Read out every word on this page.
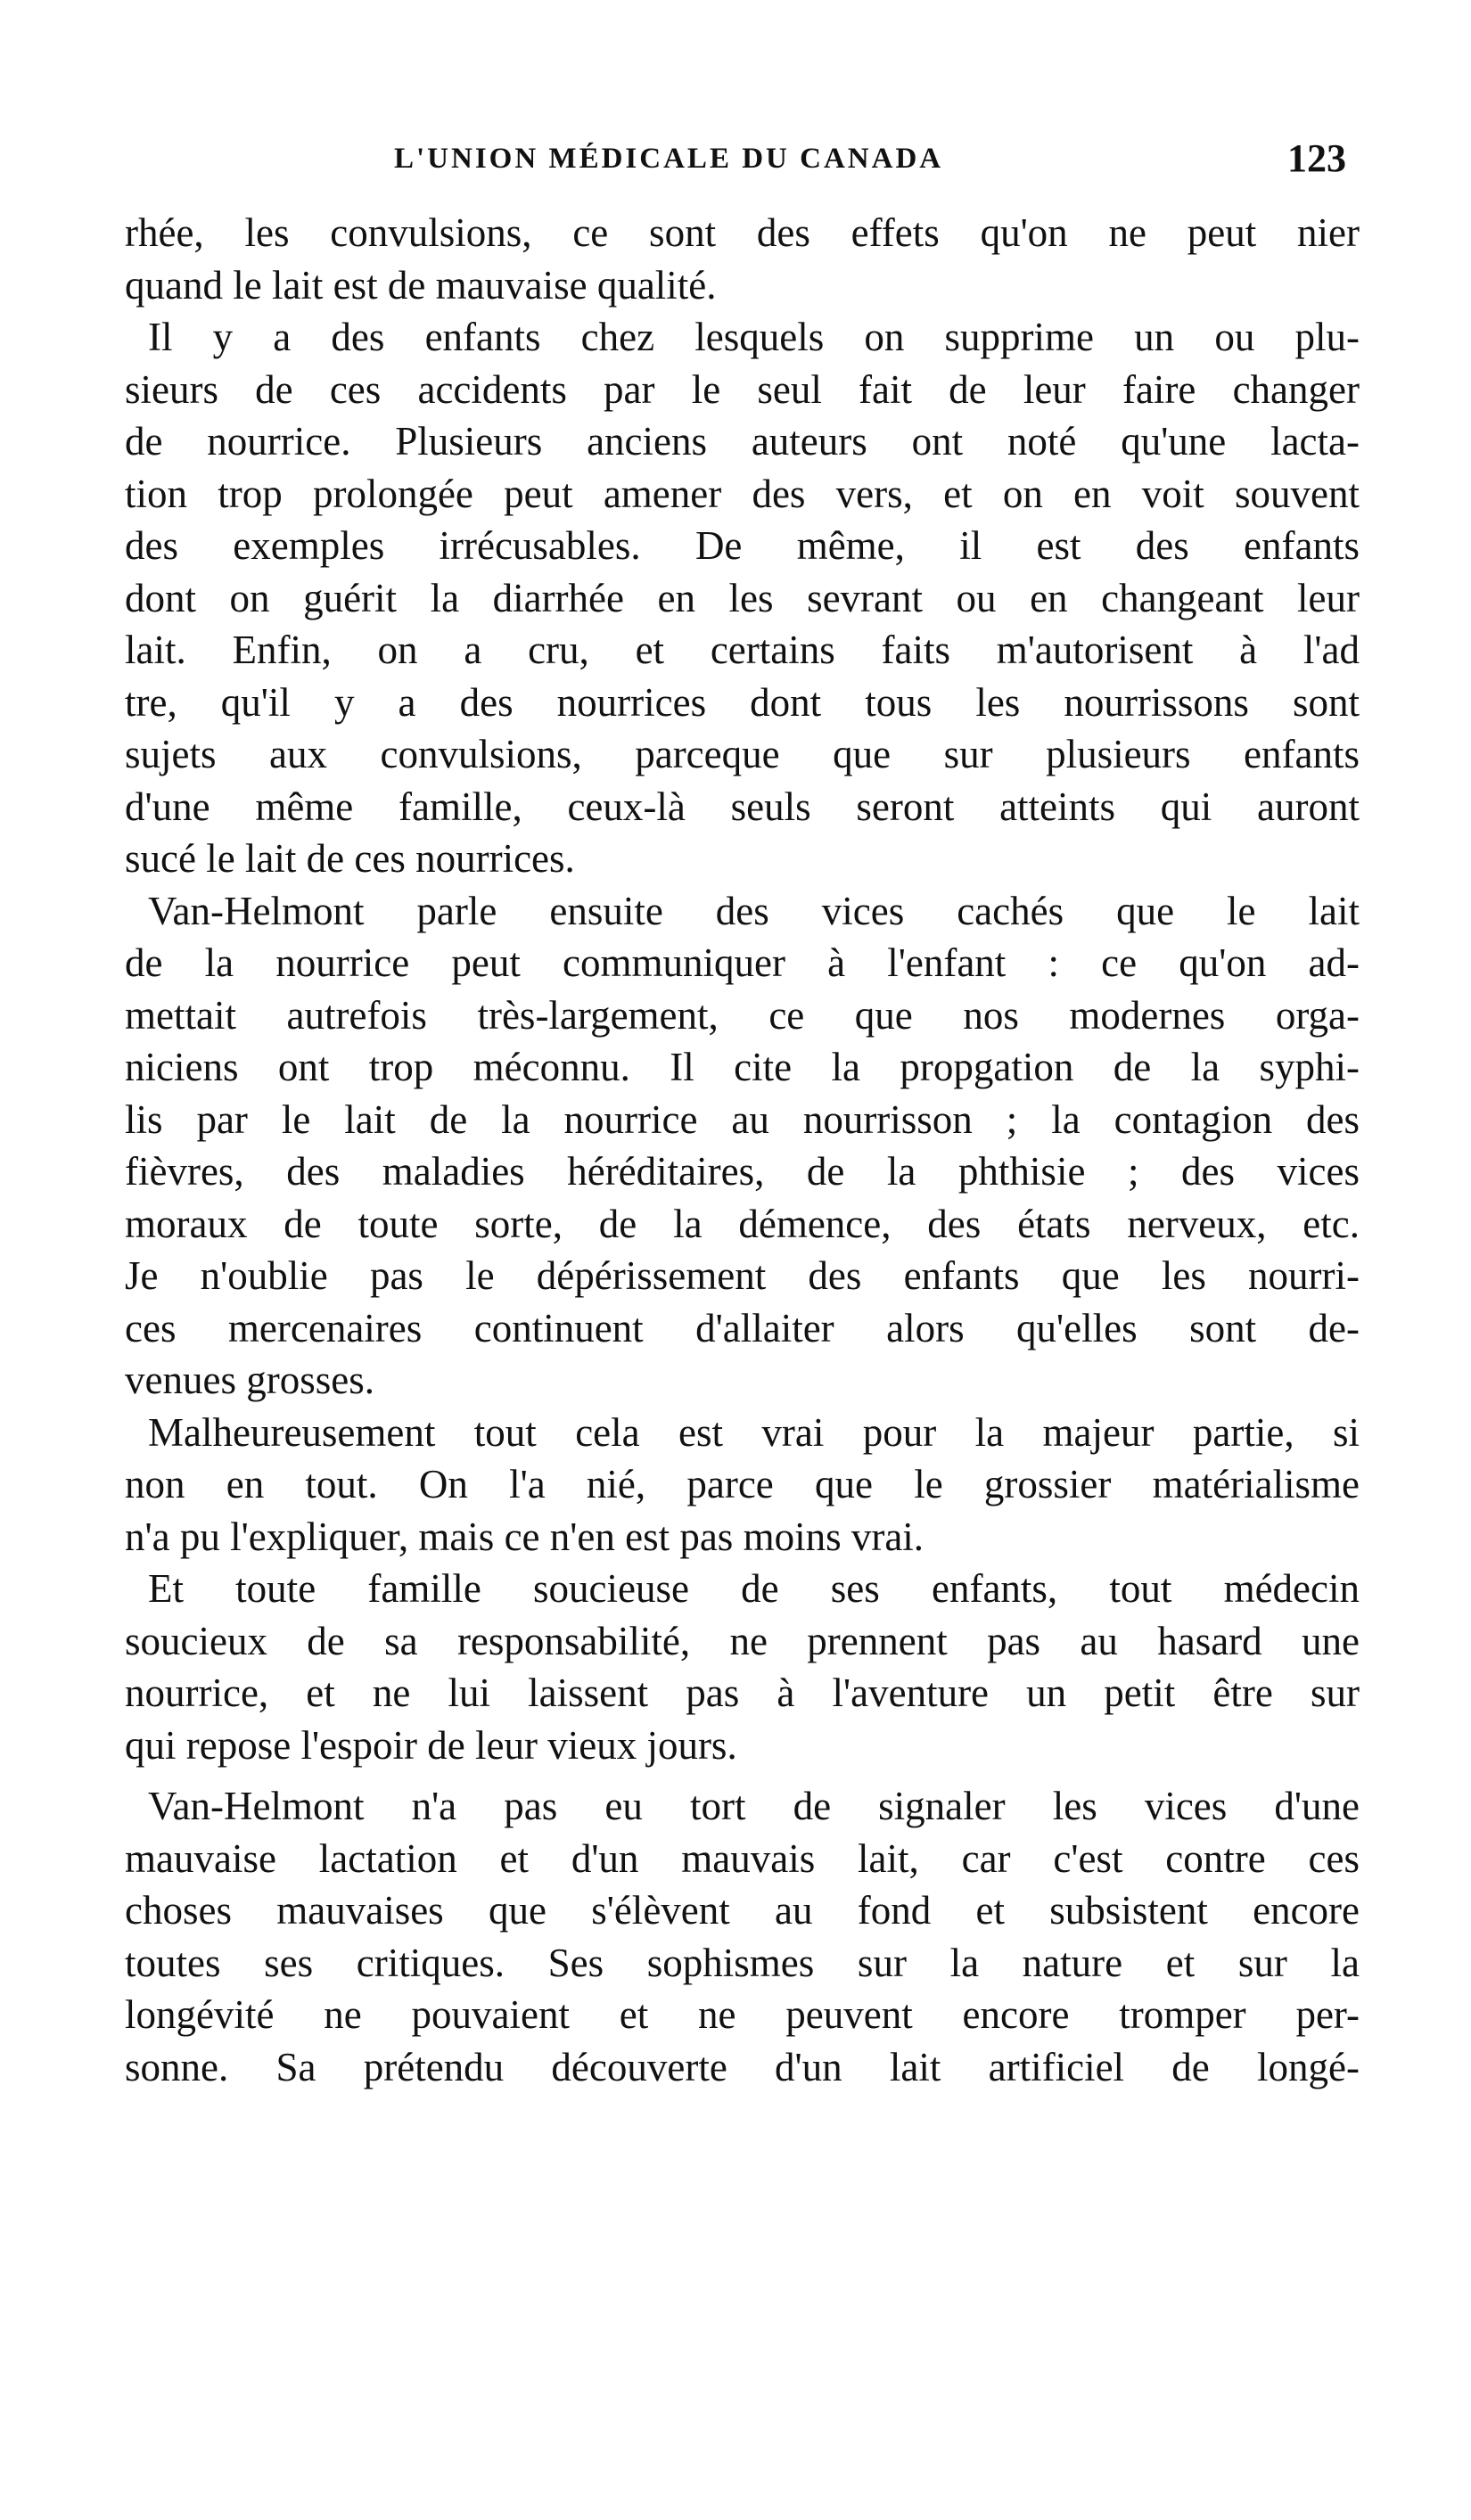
L'UNION MÉDICALE DU CANADA	123
rhée, les convulsions, ce sont des effets qu'on ne peut nier
quand le lait est de mauvaise qualité.
Il y a des enfants chez lesquels on supprime un ou plu-
sieurs de ces accidents par le seul fait de leur faire changer
de nourrice. Plusieurs anciens auteurs ont noté qu'une lacta-
tion trop prolongée peut amener des vers, et on en voit souvent
des exemples irrécusables. De même, il est des enfants
dont on guérit la diarrhée en les sevrant ou en changeant leur
lait. Enfin, on a cru, et certains faits m'autorisent à l'ad
tre, qu'il y a des nourrices dont tous les nourrissons sont
sujets aux convulsions, parceque que sur plusieurs enfants
d'une même famille, ceux-là seuls seront atteints qui auront
sucé le lait de ces nourrices.
Van-Helmont parle ensuite des vices cachés que le lait
de la nourrice peut communiquer à l'enfant : ce qu'on ad-
mettait autrefois très-largement, ce que nos modernes orga-
niciens ont trop méconnu. Il cite la propgation de la syphi-
lis par le lait de la nourrice au nourrisson ; la contagion des
fièvres, des maladies héréditaires, de la phthisie ; des vices
moraux de toute sorte, de la démence, des états nerveux, etc.
Je n'oublie pas le dépérissement des enfants que les nourri-
ces mercenaires continuent d'allaiter alors qu'elles sont de-
venues grosses.
Malheureusement tout cela est vrai pour la majeur partie, si
non en tout. On l'a nié, parce que le grossier matérialisme
n'a pu l'expliquer, mais ce n'en est pas moins vrai.
Et toute famille soucieuse de ses enfants, tout médecin
soucieux de sa responsabilité, ne prennent pas au hasard une
nourrice, et ne lui laissent pas à l'aventure un petit être sur
qui repose l'espoir de leur vieux jours.
Van-Helmont n'a pas eu tort de signaler les vices d'une
mauvaise lactation et d'un mauvais lait, car c'est contre ces
choses mauvaises que s'élèvent au fond et subsistent encore
toutes ses critiques. Ses sophismes sur la nature et sur la
longévité ne pouvaient et ne peuvent encore tromper per-
sonne. Sa prétendu découverte d'un lait artificiel de longé-
